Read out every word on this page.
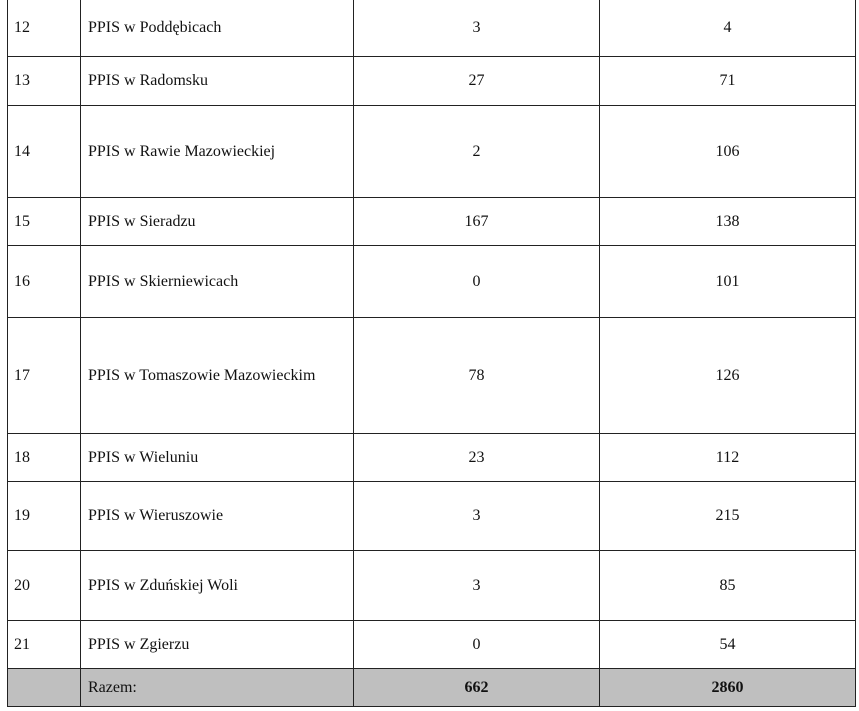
12	PPIS w Poddębicach	3	4
13	PPIS w Radomsku	27	71
14	PPIS w Rawie Mazowieckiej	2	106
15	PPIS w Sieradzu	167	138
16	PPIS w Skierniewicach	0	101
17	PPIS w Tomaszowie Mazowieckim	78	126
18	PPIS w Wieluniu	23	112
19	PPIS w Wieruszowie	3	215
20	PPIS w Zduńskiej Woli	3	85
21	PPIS w Zgierzu	0	54
	Razem:	662	2860
